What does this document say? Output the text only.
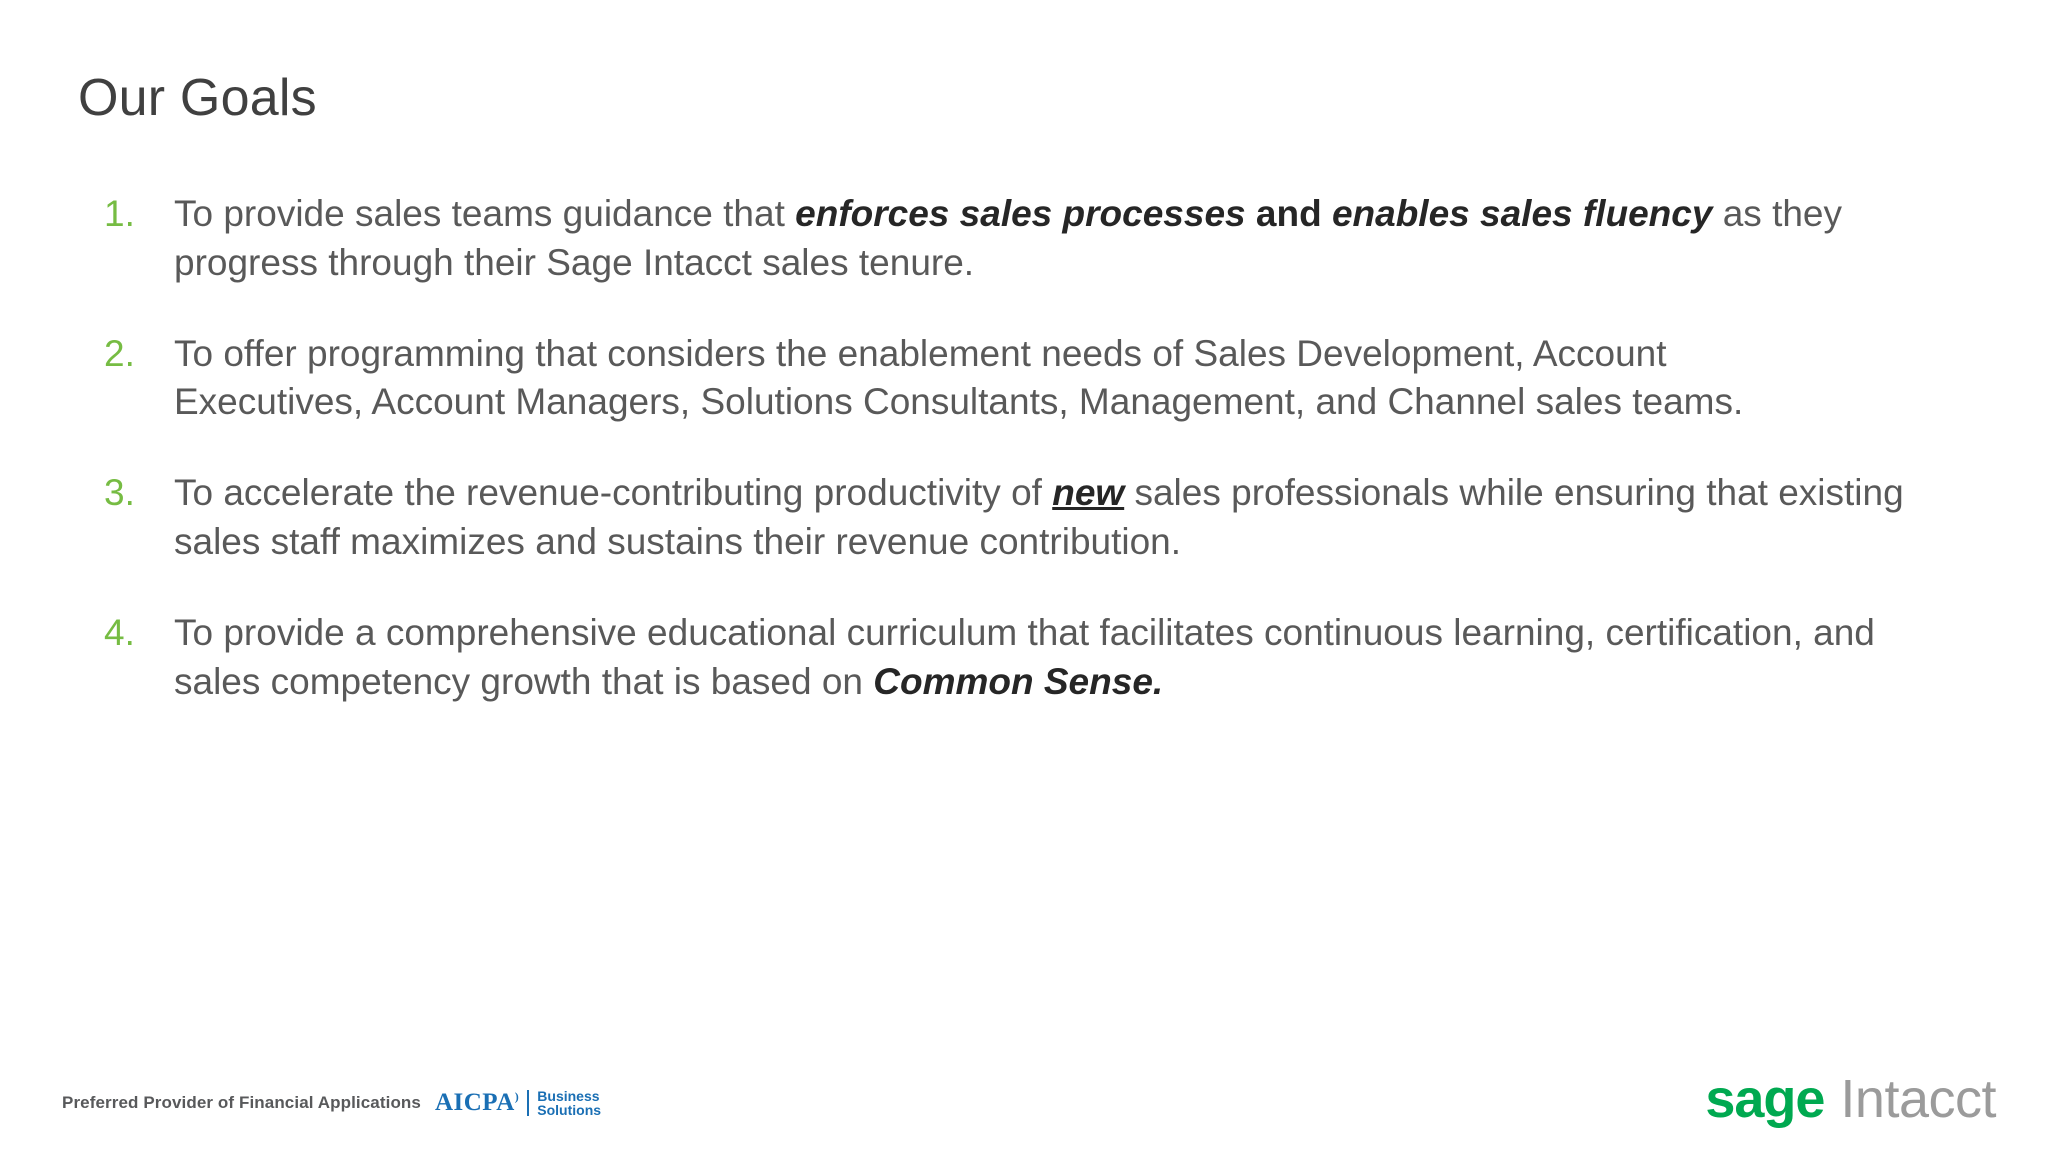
Our Goals
1.	To provide sales teams guidance that enforces sales processes and enables sales fluency as they progress through their Sage Intacct sales tenure.
2.	To offer programming that considers the enablement needs of Sales Development, Account Executives, Account Managers, Solutions Consultants, Management, and Channel sales teams.
3.	To accelerate the revenue-contributing productivity of new sales professionals while ensuring that existing sales staff maximizes and sustains their revenue contribution.
4.	To provide a comprehensive educational curriculum that facilitates continuous learning, certification, and sales competency growth that is based on Common Sense.
Preferred Provider of Financial Applications AICPA) Business
Solutions	sage Intacct
